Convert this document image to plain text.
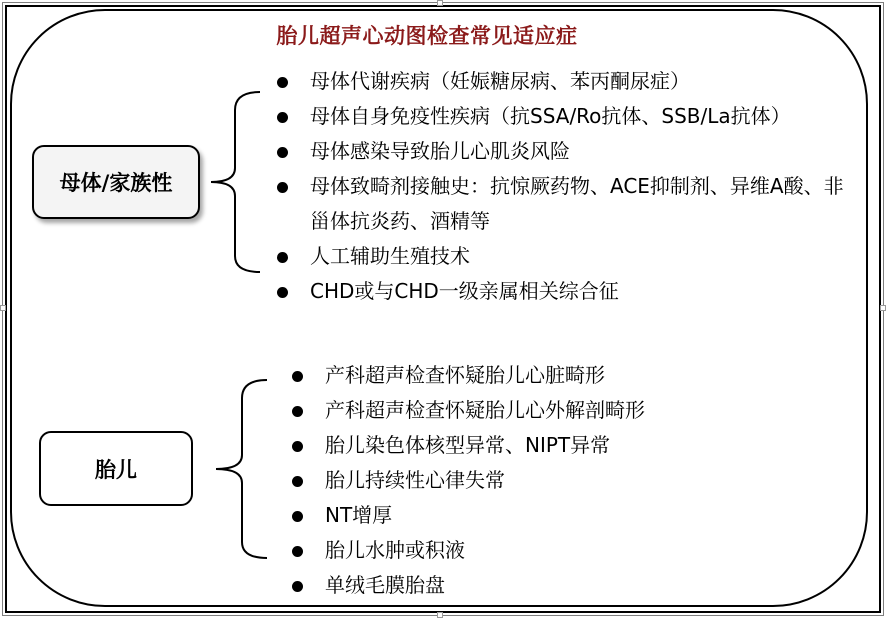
胎儿超声心动图检查常见适应症
母体/家族性
母体代谢疾病（妊娠糖尿病、苯丙酮尿症）
母体自身免疫性疾病（抗SSA/Ro抗体、SSB/La抗体）
母体感染导致胎儿心肌炎风险
母体致畸剂接触史：抗惊厥药物、ACE抑制剂、异维A酸、非甾体抗炎药、酒精等
人工辅助生殖技术
CHD或与CHD一级亲属相关综合征
胎儿
产科超声检查怀疑胎儿心脏畸形
产科超声检查怀疑胎儿心外解剖畸形
胎儿染色体核型异常、NIPT异常
胎儿持续性心律失常
NT增厚
胎儿水肿或积液
单绒毛膜胎盘
